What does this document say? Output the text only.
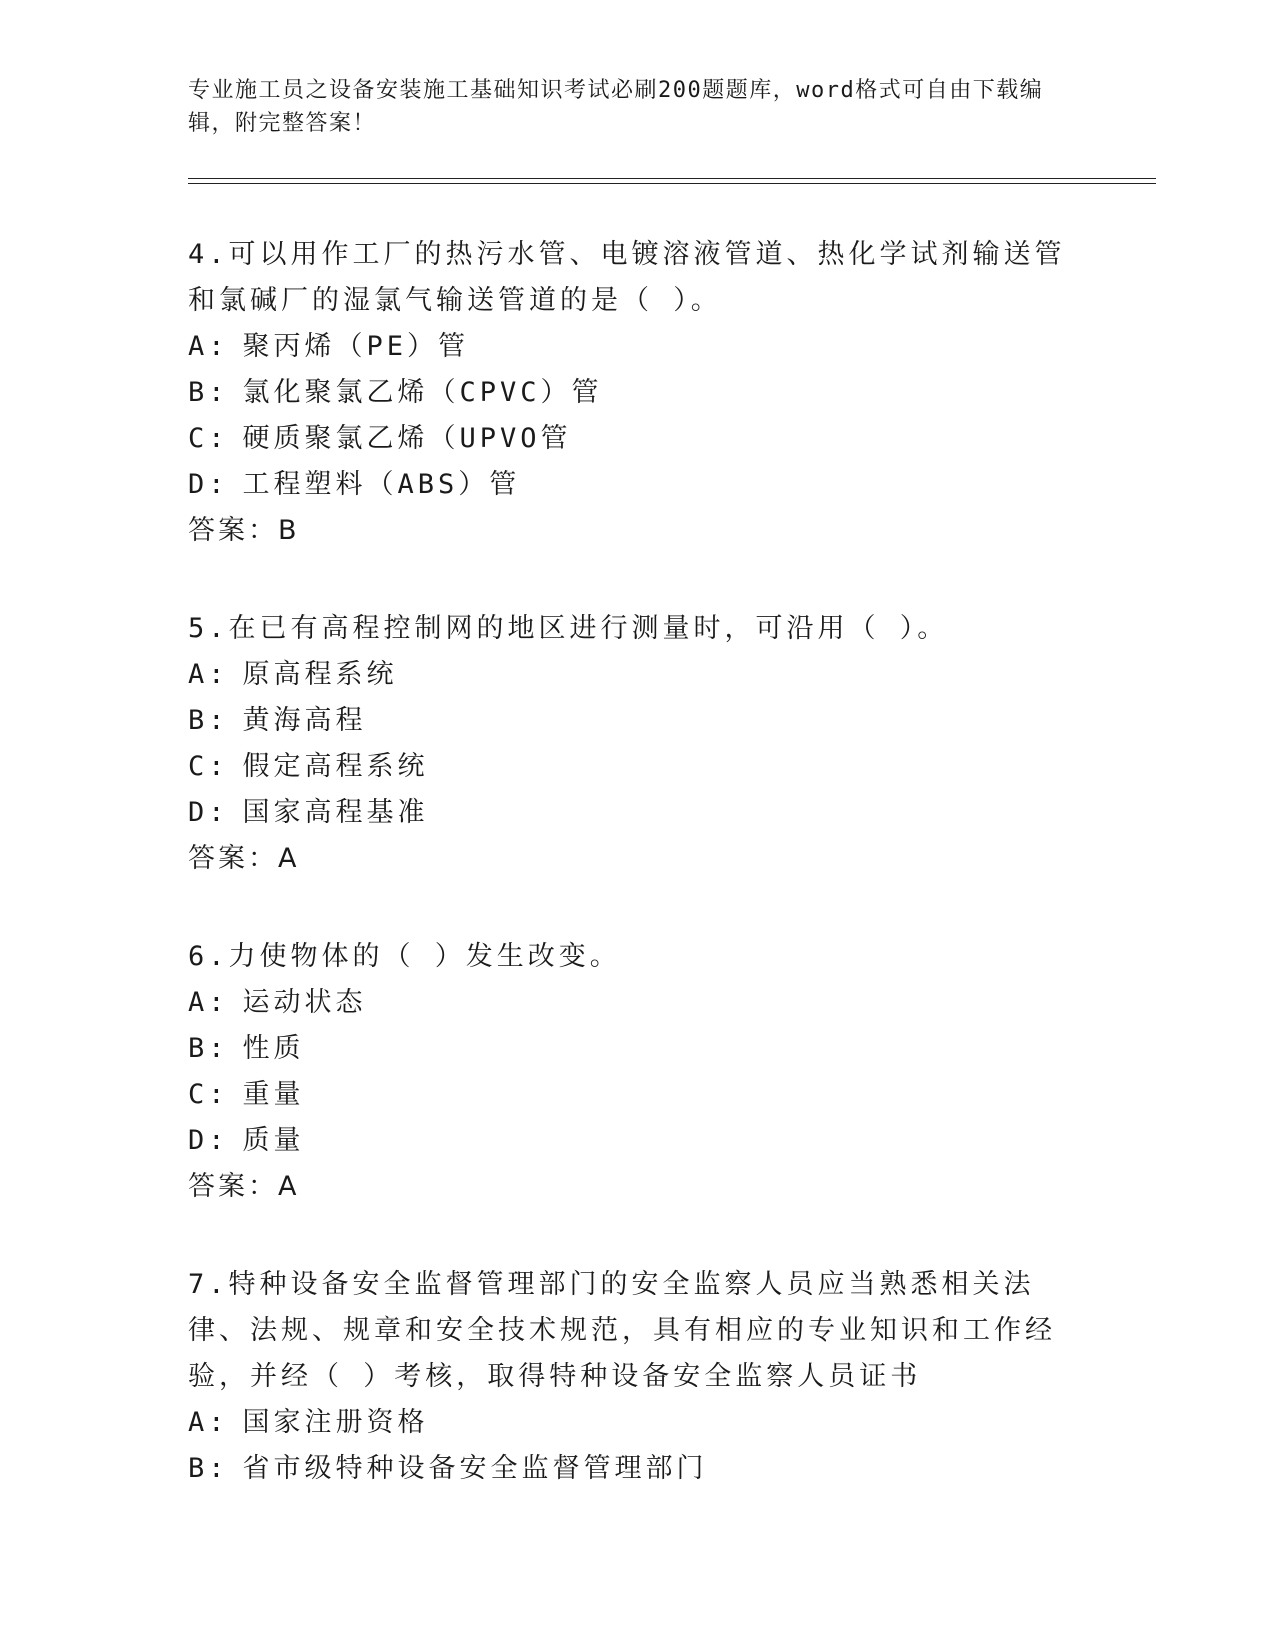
专业施工员之设备安装施工基础知识考试必刷200题题库，word格式可自由下载编辑，附完整答案！
4.可以用作工厂的热污水管、电镀溶液管道、热化学试剂输送管和氯碱厂的湿氯气输送管道的是（ ）。
A: 聚丙烯（PE）管
B: 氯化聚氯乙烯（CPVC）管
C: 硬质聚氯乙烯（UPVO管
D: 工程塑料（ABS）管
答案：B
5.在已有高程控制网的地区进行测量时，可沿用（ ）。
A: 原高程系统
B: 黄海高程
C: 假定高程系统
D: 国家高程基准
答案：A
6.力使物体的（ ）发生改变。
A: 运动状态
B: 性质
C: 重量
D: 质量
答案：A
7.特种设备安全监督管理部门的安全监察人员应当熟悉相关法律、法规、规章和安全技术规范，具有相应的专业知识和工作经验，并经（ ）考核，取得特种设备安全监察人员证书
A: 国家注册资格
B: 省市级特种设备安全监督管理部门
